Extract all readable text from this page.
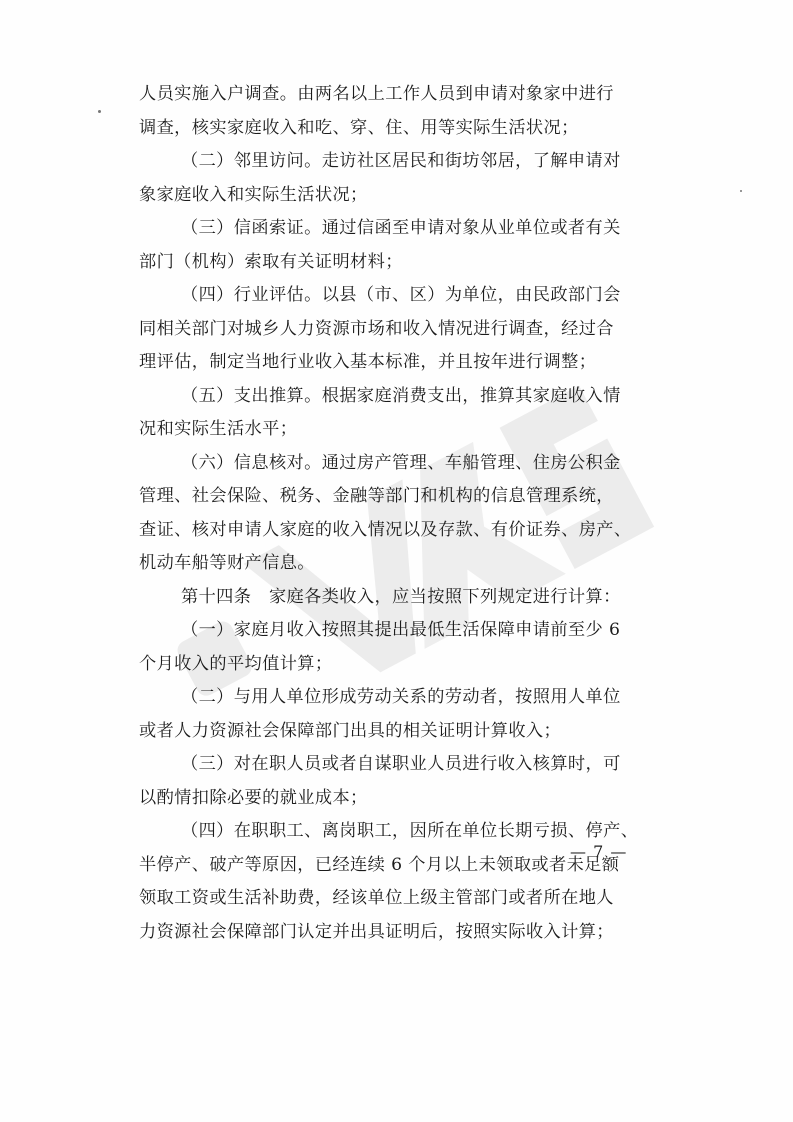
人员实施入户调查。由两名以上工作人员到申请对象家中进行
调查，核实家庭收入和吃、穿、住、用等实际生活状况；
（二）邻里访问。走访社区居民和街坊邻居，了解申请对
象家庭收入和实际生活状况；
（三）信函索证。通过信函至申请对象从业单位或者有关
部门（机构）索取有关证明材料；
（四）行业评估。以县（市、区）为单位，由民政部门会
同相关部门对城乡人力资源市场和收入情况进行调查，经过合
理评估，制定当地行业收入基本标准，并且按年进行调整；
（五）支出推算。根据家庭消费支出，推算其家庭收入情
况和实际生活水平；
（六）信息核对。通过房产管理、车船管理、住房公积金
管理、社会保险、税务、金融等部门和机构的信息管理系统，
查证、核对申请人家庭的收入情况以及存款、有价证券、房产、
机动车船等财产信息。
第十四条　家庭各类收入，应当按照下列规定进行计算：
（一）家庭月收入按照其提出最低生活保障申请前至少 6
个月收入的平均值计算；
（二）与用人单位形成劳动关系的劳动者，按照用人单位
或者人力资源社会保障部门出具的相关证明计算收入；
（三）对在职人员或者自谋职业人员进行收入核算时，可
以酌情扣除必要的就业成本；
（四）在职职工、离岗职工，因所在单位长期亏损、停产、
半停产、破产等原因，已经连续 6 个月以上未领取或者未足额
领取工资或生活补助费，经该单位上级主管部门或者所在地人
力资源社会保障部门认定并出具证明后，按照实际收入计算；
— 7 —
